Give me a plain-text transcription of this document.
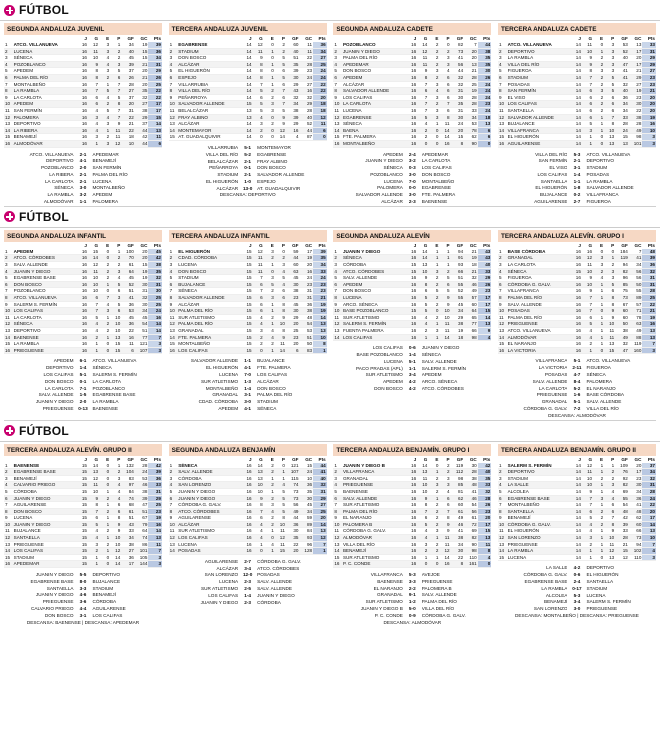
FÚTBOL
SEGUNDA ANDALUZA JUVENIL
		J	G	E	P	GF	GC	Pts
1	ATCO. VILLANUEVA	16	12	3	1	34	19	39
2	LUCENA	16	11	3	2	40	15	36
3	SÉNECA	16	10	4	2	45	15	34
4	POZOBLANCO	16	9	4	3	39	21	31
5	APEDEM	16	8	3	5	37	20	29
6	PALMA DEL RÍO	16	8	2	6	26	21	26
7	MONTALBEÑO	16	7	1	7	28	20	25
8	LA RAMBLA	16	7	5	7	27	35	22
9	LA CARLOTA	16	6	4	5	37	32	22
10	APEDEM	16	6	2	8	20	27	17
11	SAN FERMÍN	16	4	5	7	31	38	17
12	PALOMERA	16	3	4	7	22	29	15
13	DEPORTIVO	16	4	3	9	21	37	14
14	LA RIBERA	16	4	1	11	22	44	13
15	BENAMEJÍ	16	3	2	11	18	42	11
16	ALMODÓVAR	16	1	3	12	10	44	6
ATCO. VILLANUEVA	2-1	APEDEMAR
DEPORTIVO	4-1	BENAMEJÍ
POZOBLANCO	2-0	SAN FERMÍN
LA RIBERA	2-1	PALMA DEL RÍO
LA CARLOTA	2-1	LUCENA
SÉNECA	3-0	MONTALBEÑO
LA RAMBLA	3-2	APEDEM
ALMODÓVAR	1-1	PALOMERA
TERCERA ANDALUZA JUVENIL
		J	G	E	P	GF	GC	Pts
1	EGABRENSE	14	12	0	2	60	11	36
2	STADIUM	14	11	1	2	40	11	34
3	DON BOSCO	14	9	0	5	51	22	27
4	ALCÁZAR	14	8	1	5	35	28	25
5	EL HIGUERÓN	14	8	0	6	39	23	24
6	ESPEJO	14	8	1	5	30	24	24
7	VILLARRUBIA	14	7	1	6	29	27	22
8	VILLA DEL RÍO	14	5	2	7	43	16	22
9	PEÑARROYA	14	6	2	6	32	32	20
10	SALVADOR ALLENDE	15	5	3	7	34	29	18
11	BELALCÁZAR	13	5	3	5	38	28	18
12	FRAY ALBINO	13	4	0	9	39	40	12
13	ALCÁZAR	14	3	2	9	29	52	11
14	MONTEMAYOR	14	2	0	12	16	44	6
15	AT. GUADALQUIVIR	14	0	0	14	4	87	0
VILLARRUBIA	5-1	MONTEMAYOR
VILLA DEL RÍO	5-2	EGABRENSE
BELALCÁZAR	2-1	FRAY ALBINO
PEÑARROYA	0-1	DON BOSCO
STADIUM	2-1	SALVADOR ALLENDE
EL HIGUERÓN	1-0	ESPEJO
ALCÁZAR	13-0	AT. GUADALQUIVIR
DESCANSA: DEPORTIVO
SEGUNDA ANDALUZA CADETE
		J	G	E	P	GF	GC	Pts
1	POZOBLANCO	16	14	2	0	82	7	44
2	JUANIN Y DIEGO	16	12	2	2	73	20	38
3	PALMA DEL RÍO	16	11	2	3	41	20	35
4	APEDEMAR	16	11	2	3	56	13	35
5	DON BOSCO	16	9	3	4	44	21	30
6	APEDEM	16	8	2	6	32	28	26
7	ALCÁZAR	16	7	3	6	32	25	24
8	SALVADOR ALLENDE	16	6	4	6	31	19	24
9	LOS CALIFAS	16	7	3	6	30	28	24
10	LA CARLOTA	16	7	2	7	35	28	23
11	LUCENA	16	7	3	6	31	33	24
12	EGABRENSE	16	5	3	8	30	34	18
13	SÉNECA	16	4	1	11	24	53	13
14	BAENA	16	2	0	14	20	78	6
15	FTE. PALMERA	16	2	0	14	15	62	6
16	MONTALBEÑO	16	0	0	16	8	90	0
APEDEM	2-4	APEDEMAR
JUANIN Y DIEGO	3-2	LA CARLOTA
SÉNECA	0-3	LOS CALIFAS
POZOBLANCO	3-0	DON BOSCO
LUCENA	7-0	MONTALBEÑO
PALOMERA	0-0	EGABRENSE
SALVADOR ALLENDE	3-0	FTE. PALMERA
ALCÁZAR	2-3	BAENENSE
TERCERA ANDALUZA CADETE
		J	G	E	P	GF	GC	Pts
1	ATCO. VILLANUEVA	14	11	0	3	53	13	33
2	DEPORTIVO	14	10	1	3	52	17	31
3	LA RAMBLA	14	9	2	3	40	20	29
4	VILLA DEL RÍO	14	9	2	3	47	17	29
5	FIGUEROA	14	8	3	3	41	21	27
6	STADIUM	14	7	2	5	41	29	23
7	POSADAS	14	7	2	5	32	27	23
8	SAN FERMÍN	14	6	3	5	40	19	21
9	EL VISO	14	6	2	6	36	23	20
10	LOS CALIFAS	14	6	2	6	34	30	20
11	SANTAELLA	14	6	2	6	34	22	20
12	SALVADOR ALLENDE	14	6	1	7	33	38	19
13	BUJALANCE	14	5	1	8	28	28	16
14	VILLAFRANCA	14	3	1	10	24	49	10
15	EL HIGUERÓN	14	1	0	13	15	98	3
16	AGUILARENSE	14	1	0	13	13	101	3
VILLA DEL RÍO	5-3	ATCO. VILLANUEVA
SAN FERMÍN	2-1	DEPORTIVO
EL VISO	3-1	STADIUM
LOS CALIFAS	1-4	POSADAS
SANTAELLA	1-1	LA RAMBLA
EL HIGUERÓN	1-8	SALVADOR ALLENDE
BUJALANCE	0-2	VILLAFRANCA
AGUILARENSE	2-7	FIGUEROA
FÚTBOL
SEGUNDA ANDALUZA INFANTIL
		J	G	E	P	GF	GC	Pts
1	APEDEM	16	15	0	1	100	20	45
2	ATCO. CÓRDOBES	16	14	0	2	70	20	42
3	SALV. ALLENDE	16	12	2	2	61	15	38
4	JUANIN Y DIEGO	16	11	2	3	64	19	35
5	EGABRENSE BASE	16	10	2	4	45	19	32
6	DON BOSCO	16	10	1	5	52	30	31
7	POZOBLANCO	16	10	0	6	51	31	30
8	ATCO. VILLANUEVA	16	6	7	3	41	32	25
9	SALERM S. FERMÍN	16	7	4	5	36	30	25
10	LOS CALIFAS	16	7	3	6	53	34	24
11	LA CARLOTA	16	5	1	10	45	45	16
12	SÉNECA	16	4	2	10	36	54	14
13	DEPORTIVO	16	4	2	10	22	51	14
14	BAENENSE	16	2	1	13	16	77	7
15	LA RAMBLA	16	1	0	15	11	121	3
16	PRIEGUENSE	16	1	0	15	6	107	3
APEDEM	6-1	ATCO. VILLANUEVA
DEPORTIVO	1-4	SÉNECA
LOS CALIFAS	5-1	SALERM S. FERMÍN
DON BOSCO	0-1	LA CARLOTA
LA CARLOTA	7-1	POZOBLANCO
SALV. ALLENDE	1-5	EGABRENSE BASE
JUANIN Y DIEGO	2-0	LA RAMBLA
PRIEGUENSE	0-13	BAENENSE
TERCERA ANDALUZA INFANTIL
		J	G	E	P	GF	GC	Pts
1	EL HIGUERÓN	15	12	3	0	59	17	39
2	CDAD. CÓRDOBA	15	11	2	2	44	19	35
3	LUCENA	15	11	1	3	60	20	34
4	DON BOSCO	15	11	0	4	63	16	33
5	STADIUM	15	7	3	5	45	24	24
6	BUJALANCE	15	6	5	4	30	23	23
7	SÉNECA	15	7	2	6	38	31	23
8	SALVADOR ALLENDE	15	6	3	6	23	31	21
9	ALCÁZAR	15	6	1	8	45	36	19
10	PALMA DEL RÍO	15	6	1	8	30	38	19
11	SUR ATLETISMO	15	4	2	9	29	48	14
12	PALMA DEL RÍO	15	4	1	10	20	54	13
13	GRANADAL	15	3	4	8	25	53	13
14	FTE. PALMERA	15	2	4	9	23	51	10
15	MONTALBEÑO	15	2	2	11	20	50	8
16	LOS CALIFAS	15	0	1	14	6	83	1
SALVADOR ALLENDE	1-1	BUJALANCE
EL HIGUERÓN	4-1	FTE. PALMERA
LUCENA	7-0	LOS CALIFAS
SUR ATLETISMO	1-3	ALCÁZAR
MONTALBEÑO	1-4	DON BOSCO
GRANADAL	3-1	PALMA DEL RÍO
CDAD. CÓRDOBA	3-0	STADIUM
APEDEM	4-1	SÉNECA
SEGUNDA ANDALUZA ALEVÍN
		J	G	E	P	GF	GC	Pts
1	JUANIN Y DIEGO	16	14	1	1	94	21	43
2	SÉNECA	16	14	1	1	91	19	43
3	CÓRDOBA	15	13	1	1	93	18	40
4	ATCO. CÓRDOBES	15	10	3	2	66	21	33
5	SALV. ALLENDE	16	9	2	5	51	32	29
6	APEDEM	16	8	2	6	55	46	26
7	DON BOSCO	16	6	5	5	52	49	23
8	LUCENA	16	5	2	9	55	57	17
9	ARCO. SÉNECA	16	5	2	9	45	60	17
10	BASE POZOBLANCO	15	5	0	10	34	64	15
11	SUR ATLETISMO	16	4	2	10	29	65	14
12	SALERM S. FERMÍN	16	4	1	11	38	77	13
13	FUENTA PALMERA	16	2	3	11	19	66	9
14	LOS CALIFAS	16	1	1	14	18	98	4
LOS CALIFAS	0-6	JUANIN Y DIEGO
BASE POZOBLANCO	1-4	SÉNECA
LUCENA	5-1	SALV. ALLENDE
PACO PRADAS (APL)	1-1	SALERM S. FERMÍN
SUR ATLETISMO	3-4	APEDEM
APEDEM	4-2	ARCO. SÉNECA
DON BOSCO	4-2	ATCO. CÓRDOBES
TERCERA ANDALUZA ALEVÍN. GRUPO I
		J	G	E	P	GF	GC	Pts
1	BASE CÓRDOBA	16	16	0	0	184	7	48
2	GRANADAL	16	12	3	1	119	41	39
3	LA CARLOTA	16	11	3	2	94	34	36
4	SÉNECA	15	10	2	3	82	56	32
5	FIGUEROA	16	9	4	3	96	56	31
6	CÓRDOBA G. GALV.	16	10	1	5	85	50	31
7	VILLAFRANCA	16	9	1	6	75	55	28
8	PALMA DEL RÍO	16	7	1	8	73	89	25
9	SALV. ALLENDE	16	7	1	8	67	57	22
10	POSADAS	16	7	0	9	60	71	21
11	PALMA DEL RÍO	16	6	1	9	60	78	19
12	PRIEGUENSE	16	5	1	10	50	63	16
13	ATCO. VILLANUEVA	16	4	1	11	38	49	13
14	ALMODÓVAR	16	4	1	11	49	88	13
15	EL NARANJO	16	2	1	13	32	119	7
16	LA VICTORIA	16	1	0	15	47	160	3
VILLAFRANCA	5-1	ATCO. VILLANUEVA
LA VICTORIA	2-11	FIGUEROA
POSADAS	4-7	SÉNECA
SALV. ALLENDE	8-4	PALOMERA
LA CARLOTA	5-2	EL NARANJO
PRIEGUENSE	1-6	BASE CÓRDOBA
GRANADAL	5-1	SALV. ALLENDE
CÓRDOBA G. GALV.	7-2	VILLA DEL RÍO
DESCANSA: ALMODÓVAR
FÚTBOL
TERCERA ANDALUZA ALEVÍN. GRUPO II
		J	G	E	P	GF	GC	Pts
1	BAENENSE	15	14	0	1	132	28	42
2	EGABRENSE BASE	15	13	0	2	104	24	39
3	BENAMEJÍ	15	12	0	3	83	53	36
4	CALVARIO PRIEGO	15	11	0	4	97	46	33
5	CÓRDOBA	15	10	1	4	84	38	31
6	JUANIN Y DIEGO	15	9	2	4	74	39	29
7	AGUILARENSE	15	8	1	6	68	47	25
8	DON BOSCO	15	7	2	6	61	51	23
9	LUCENA	15	6	1	8	51	67	19
10	JUANIN Y DIEGO	15	5	1	9	43	79	16
11	BUJALANCE	15	4	2	9	33	64	14
12	SANTAELLA	15	4	1	10	34	74	13
13	PRIEGUENSE	15	3	2	10	38	86	11
14	LOS CALIFAS	15	2	1	12	27	101	7
15	STADIUM	15	1	0	14	36	105	3
16	APEDEMAR	15	1	0	14	17	144	3
JUANIN Y DIEGO	5-5	DEPORTIVO
EGABRENSE BASE	8-0	BUJALANCE
SANTAELLA	3-3	STADIUM
JUANIN Y DIEGO	4-6	BENAMEJÍ
PRIEGUENSE	3-6	CÓRDOBA
CALVARIO PRIEGO	4-4	AGUILARENSE
DON BOSCO	3-1	LOS CALIFAS
DESCANSA: BAENENSE | DESCANSA: APEDEMAR
SEGUNDA ANDALUZA BENJAMÍN
		J	G	E	P	GF	GC	Pts
1	SÉNECA	16	14	2	0	121	15	44
2	SALV. ALLENDE	16	13	2	1	107	24	41
3	CÓRDOBA	16	13	1	1	115	10	40
4	SAN LORENZO	16	10	2	4	74	36	32
5	JUANIN Y DIEGO	16	10	1	5	73	35	31
6	JUANIN Y DIEGO	16	9	2	5	73	30	29
7	CÓRDOBA G. GALV.	16	8	3	5	56	45	27
8	ATCO. CÓRDOBES	16	7	4	5	49	34	25
9	AGUILARENSE	16	6	2	8	44	59	20
10	ALCÁZAR	16	4	2	10	36	89	14
11	SUR ATLETISMO	16	4	1	11	30	84	13
12	LOS CALIFAS	16	4	0	12	35	93	12
13	LUCENA	16	1	4	11	22	96	7
14	POSADAS	16	0	1	15	20	128	1
AGUILARENSE	2-7	CÓRDOBA G. GALV.
ALCÁZAR	3-4	ATCO. CÓRDOBES
SAN LORENZO	12-0	POSADAS
LUCENA	2-3	SALV. ALLENDE
SUR ATLETISMO	2-5	SALV. ALLENDE
LOS CALIFAS	1-4	JUANIN Y DIEGO
JUANIN Y DIEGO	2-3	CÓRDOBA
TERCERA ANDALUZA BENJAMÍN. GRUPO I
		J	G	E	P	GF	GC	Pts
1	JUANIN Y DIEGO B	16	14	0	2	119	30	42
2	VILLAFRANCA	16	13	1	2	112	28	40
3	GRANADAL	16	11	2	3	98	38	35
4	PRIEGUENSE	16	10	3	3	85	48	33
5	BAENENSE	16	10	2	4	81	41	32
6	SALV. ALLENDE	16	9	1	6	62	46	28
7	SUR ATLETISMO	16	8	2	6	60	54	26
8	PALMA DEL RÍO	16	7	2	7	61	56	23
9	EL NARANJO	16	6	2	8	49	61	20
10	PALOMERA B	16	5	2	9	46	72	17
11	CÓRDOBA G. GALV.	16	4	3	9	41	69	15
12	ALMODÓVAR	16	4	1	11	38	82	13
13	VILLA DEL RÍO	16	3	2	11	34	90	11
14	BENAMEJÍ	16	2	2	12	30	98	8
15	SUR ATLETISMO	16	1	1	14	22	110	4
16	P. C. CONDE	16	0	0	16	8	161	0
VILLAFRANCA	5-3	AVEJOE
BAENENSE	3-3	PRIEGUENSE
EL NARANJO	2-2	PALOMERA B
GRANADAL	9-1	SALV. ALLENDE
SUR ATLETISMO	1-2	PALMA DEL RÍO
JUANIN Y DIEGO B	5-0	VILLA DEL RÍO
P. C. CONDE	0-9	CÓRDOBA G. GALV.
DESCANSA: ALMODÓVAR
TERCERA ANDALUZA BENJAMÍN. GRUPO II
		J	G	E	P	GF	GC	Pts
1	SALERM S. FERMÍN	14	12	1	1	109	20	37
2	DEPORTIVO	14	11	1	2	76	17	34
3	STADIUM	14	10	2	2	92	23	32
4	LA SALLE	14	10	1	3	82	30	31
5	ALCOLEA	14	9	1	4	69	34	28
6	EGABRENSE BASE	14	7	3	4	55	36	24
7	MONTALBEÑO	14	7	1	6	54	41	22
8	SANTAELLA	14	6	2	6	48	48	20
9	BENAMEJÍ	14	5	2	7	42	62	17
10	CÓRDOBA G. GALV.	14	4	2	8	39	60	14
11	EL HIGUERÓN	14	4	1	9	33	66	13
12	SAN LORENZO	14	3	1	10	28	73	10
13	PRIEGUENSE	14	2	1	11	21	94	7
14	LA RAMBLA	14	1	1	12	15	102	4
15	LUCENA	14	1	0	13	12	110	3
LA SALLE	4-2	DEPORTIVO
CÓRDOBA G. GALV.	0-6	EL HIGUERÓN
EGABRENSE BASE	2-4	SANTAELLA
LA RAMBLA	0-17	STADIUM
ALCOLEA	5-3	LUCENA
BENAMEJÍ	3-4	SALERM S. FERMÍN
SAN LORENZO	3-0	PRIEGUENSE
DESCANSA: MONTALBEÑO | DESCANSA: PRIEGUENSE
